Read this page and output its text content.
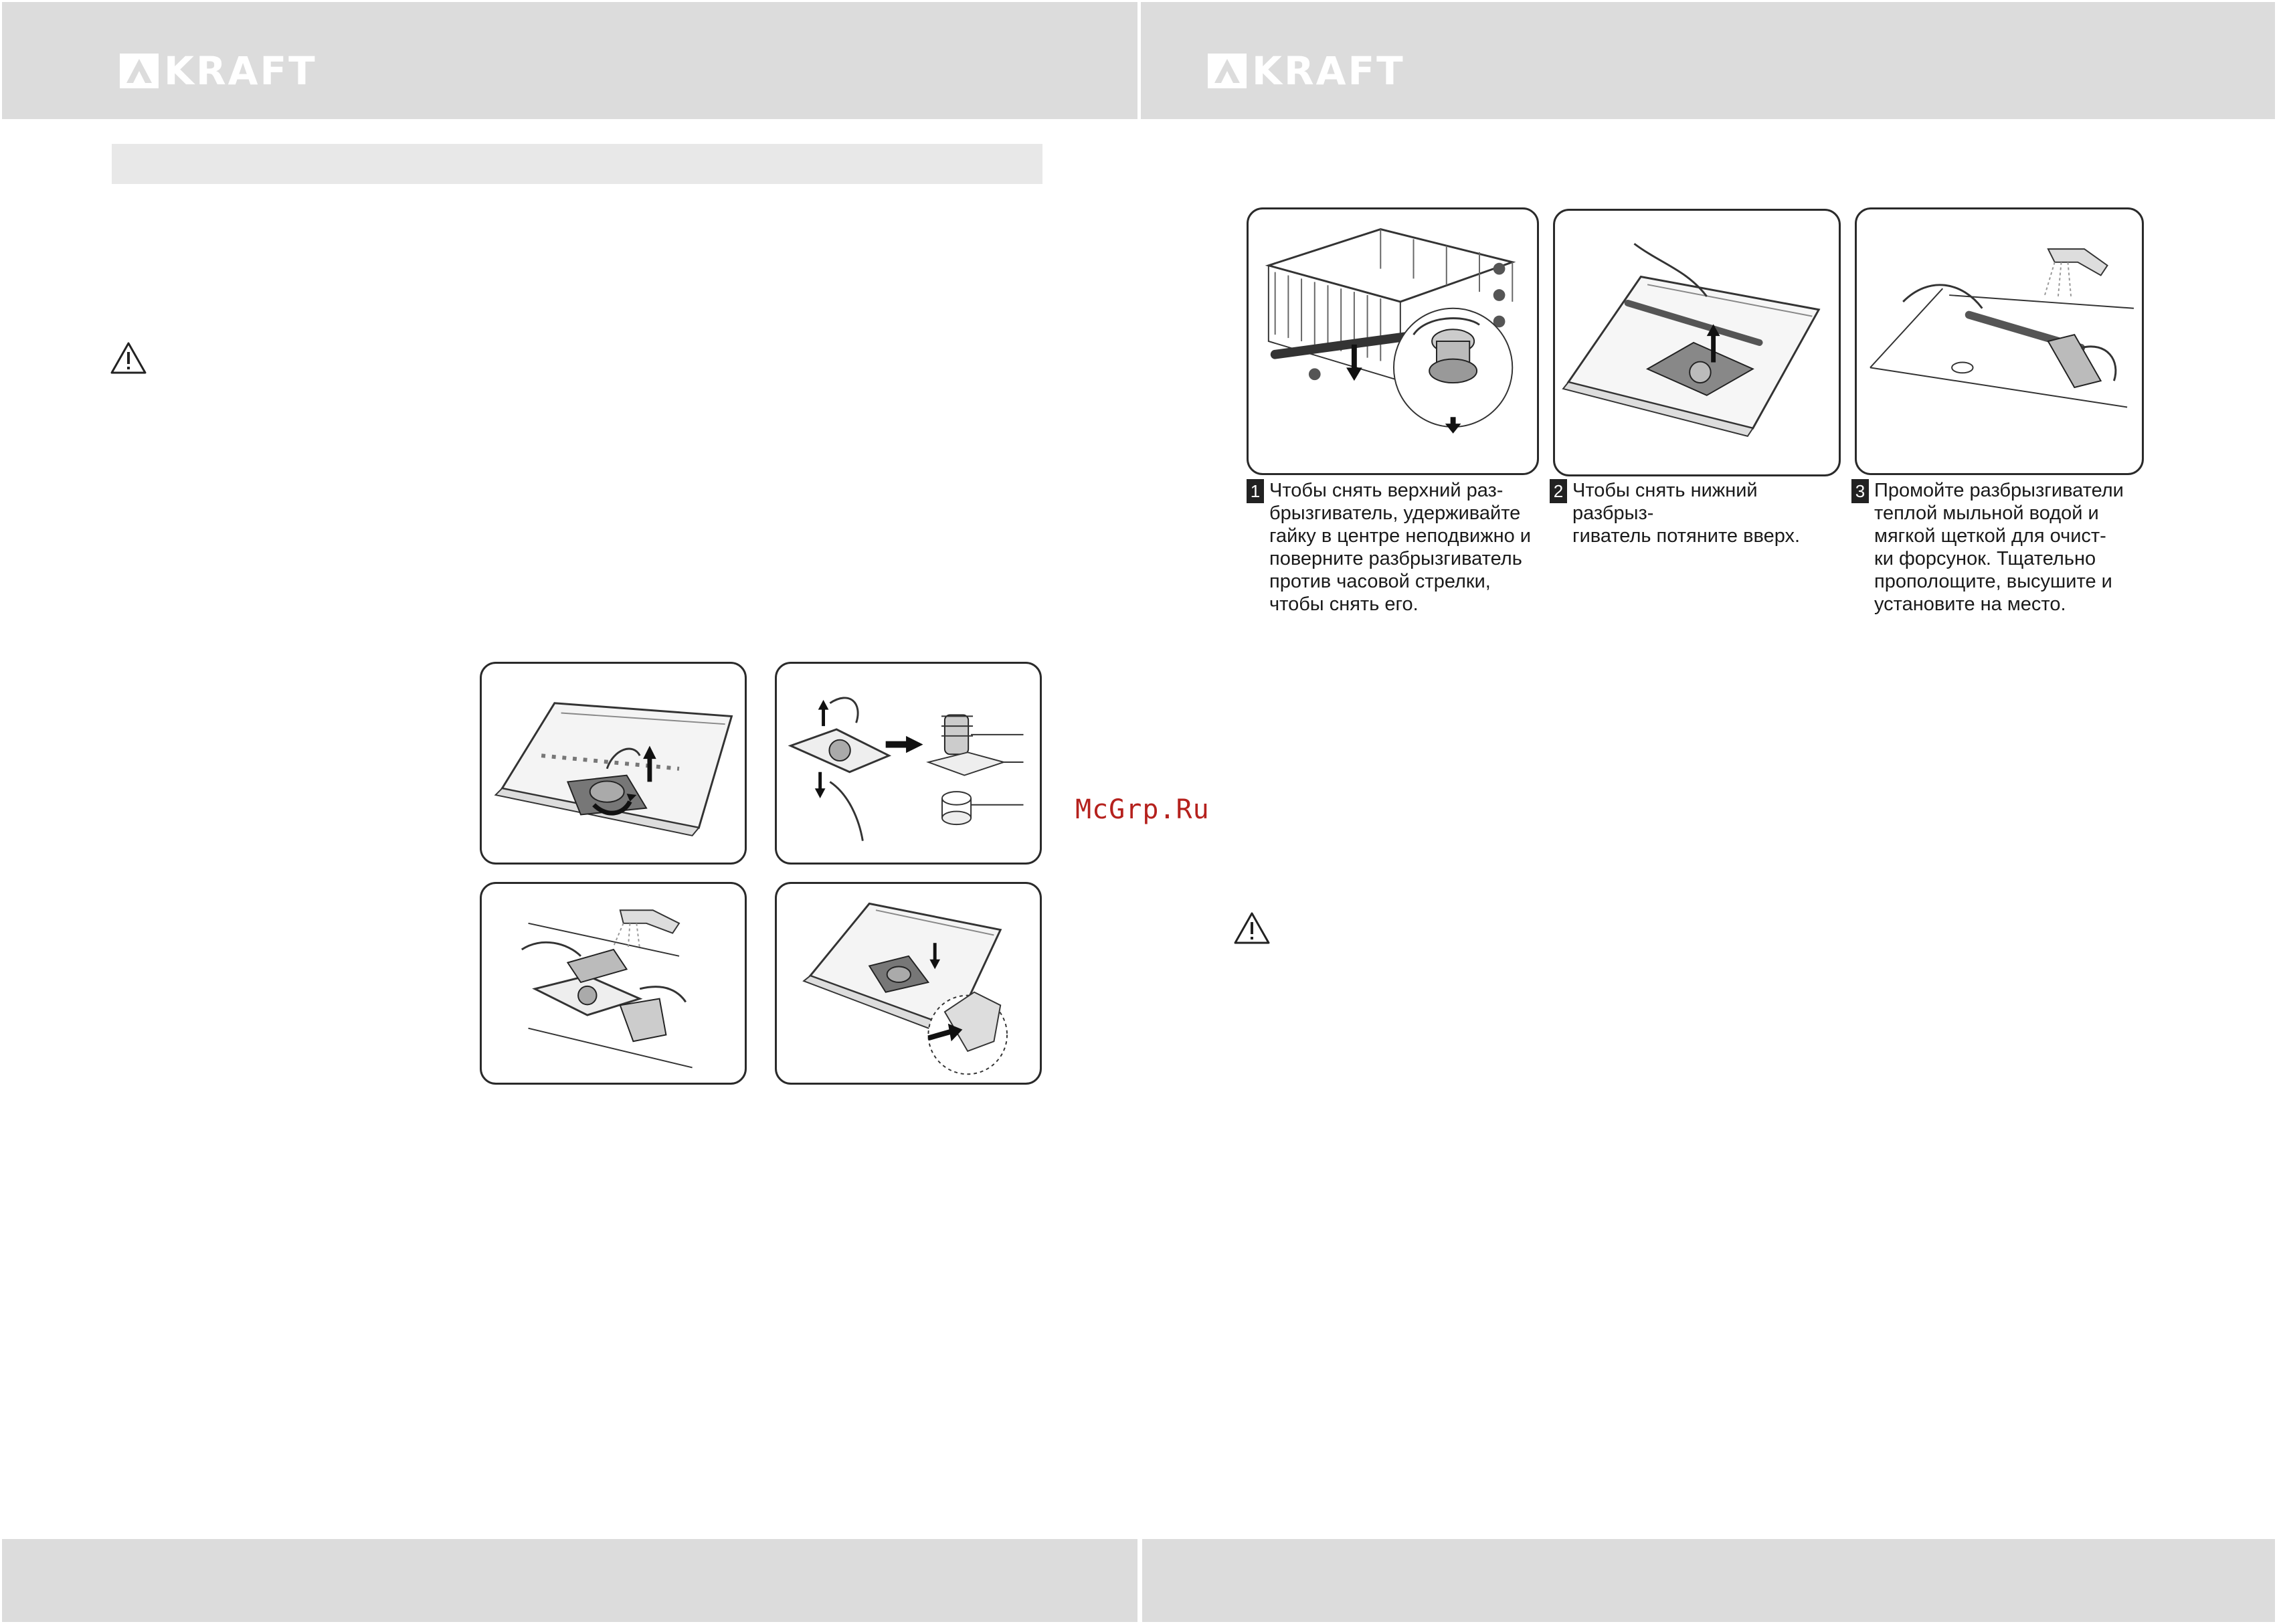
KRAFT	KRAFT
1 Чтобы снять верхний раз-
брызгиватель, удерживайте
гайку в центре неподвижно и
поверните разбрызгиватель
против часовой стрелки,
чтобы снять его.
2 Чтобы снять нижний разбрыз-
гиватель потяните вверх.
3 Промойте разбрызгиватели
теплой мыльной водой и
мягкой щеткой для очист-
ки форсунок. Тщательно
прополощите, высушите и
установите на место.
McGrp.Ru
